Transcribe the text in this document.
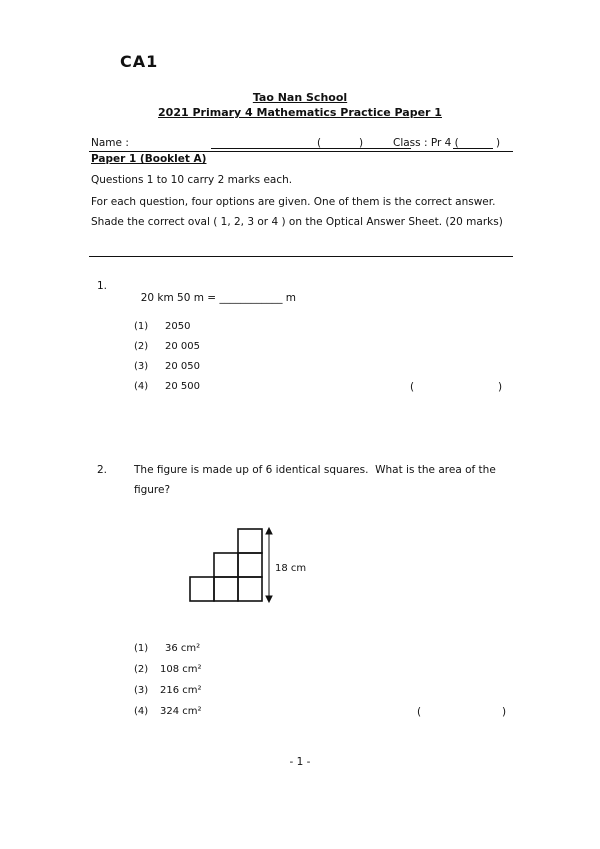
CA1
Tao Nan School
2021 Primary 4 Mathematics Practice Paper 1
Name :	(	)	Class : Pr 4 (	)
Paper 1 (Booklet A)
Questions 1 to 10 carry 2 marks each.
For each question, four options are given. One of them is the correct answer.
Shade the correct oval ( 1, 2, 3 or 4 ) on the Optical Answer Sheet. (20 marks)
1.

20 km 50 m = ____________ m

(1) 2050
(2) 20 005
(3) 20 050
(4) 20 500	(	)
2.	The figure is made up of 6 identical squares.  What is the area of the
figure?
18 cm
(1) 36 cm²
(2) 108 cm²
(3) 216 cm²
(4) 324 cm²	(	)
- 1 -
